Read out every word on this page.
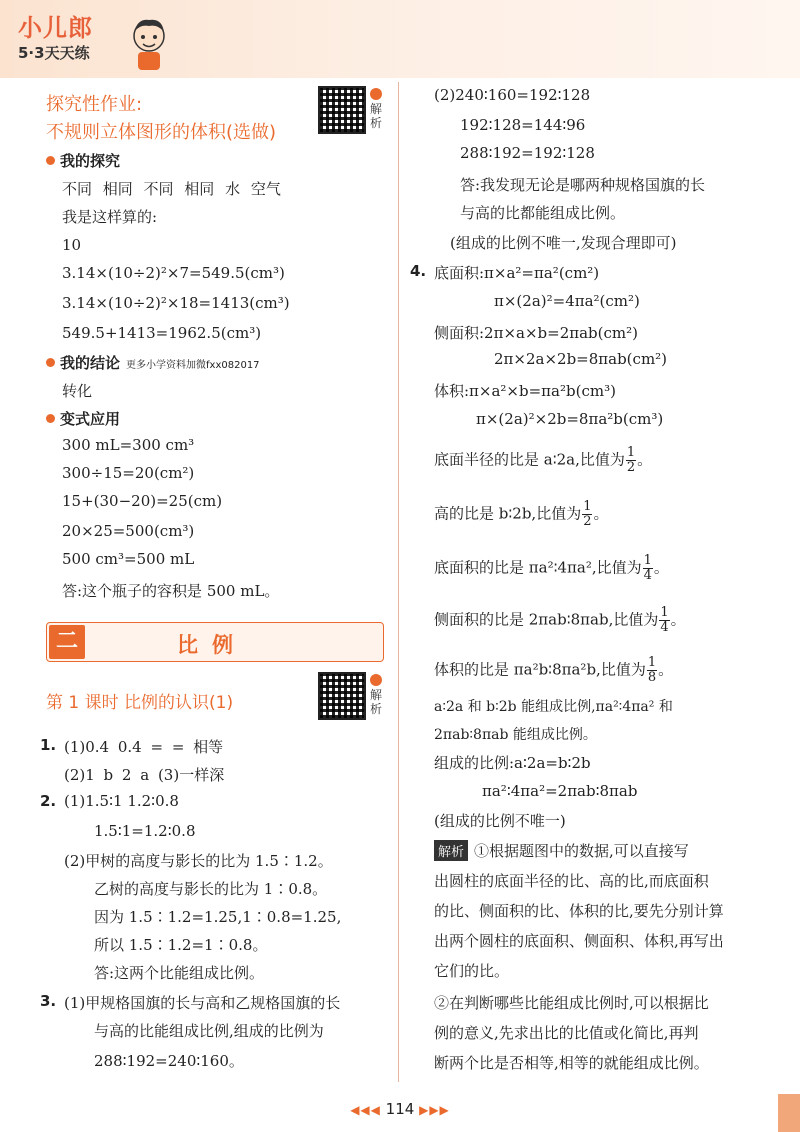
小儿郎
5·3天天练
探究性作业:
不规则立体图形的体积(选做)
解析
我的探究
不同 相同 不同 相同 水 空气
我是这样算的:
10
3.14×(10÷2)²×7=549.5(cm³)
3.14×(10÷2)²×18=1413(cm³)
549.5+1413=1962.5(cm³)
我的结论 更多小学资料加微fxx082017
转化
变式应用
300 mL=300 cm³
300÷15=20(cm²)
15+(30−20)=25(cm)
20×25=500(cm³)
500 cm³=500 mL
答:这个瓶子的容积是 500 mL。
二	比例
第 1 课时 比例的认识(1)	解析
1. (1)0.4 0.4 = = 相等
(2)1 b 2 a (3)一样深
2. (1)1.5∶1 1.2∶0.8
1.5∶1=1.2∶0.8
(2)甲树的高度与影长的比为 1.5∶1.2。
乙树的高度与影长的比为 1∶0.8。
因为 1.5∶1.2=1.25,1∶0.8=1.25,
所以 1.5∶1.2=1∶0.8。
答:这两个比能组成比例。
3. (1)甲规格国旗的长与高和乙规格国旗的长
与高的比能组成比例,组成的比例为
288∶192=240∶160。
(2)240∶160=192∶128
192∶128=144∶96
288∶192=192∶128
答:我发现无论是哪两种规格国旗的长
与高的比都能组成比例。
(组成的比例不唯一,发现合理即可)
4. 底面积:π×a²=πa²(cm²)
π×(2a)²=4πa²(cm²)
侧面积:2π×a×b=2πab(cm²)
2π×2a×2b=8πab(cm²)
体积:π×a²×b=πa²b(cm³)
π×(2a)²×2b=8πa²b(cm³)
底面半径的比是 a∶2a,比值为 $\frac{1}{2}$ 。
高的比是 b∶2b,比值为 $\frac{1}{2}$ 。
底面积的比是 πa²∶4πa²,比值为 $\frac{1}{4}$ 。
侧面积的比是 2πab∶8πab,比值为 $\frac{1}{4}$ 。
体积的比是 πa²b∶8πa²b,比值为 $\frac{1}{8}$ 。
a∶2a 和 b∶2b 能组成比例,πa²∶4πa² 和
2πab∶8πab 能组成比例。
组成的比例:a∶2a=b∶2b
πa²∶4πa²=2πab∶8πab
(组成的比例不唯一)
解析 ①根据题图中的数据,可以直接写
出圆柱的底面半径的比、高的比,而底面积
的比、侧面积的比、体积的比,要先分别计算
出两个圆柱的底面积、侧面积、体积,再写出
它们的比。
②在判断哪些比能组成比例时,可以根据比
例的意义,先求出比的比值或化简比,再判
断两个比是否相等,相等的就能组成比例。
◀◀◀ 114 ▶▶▶
